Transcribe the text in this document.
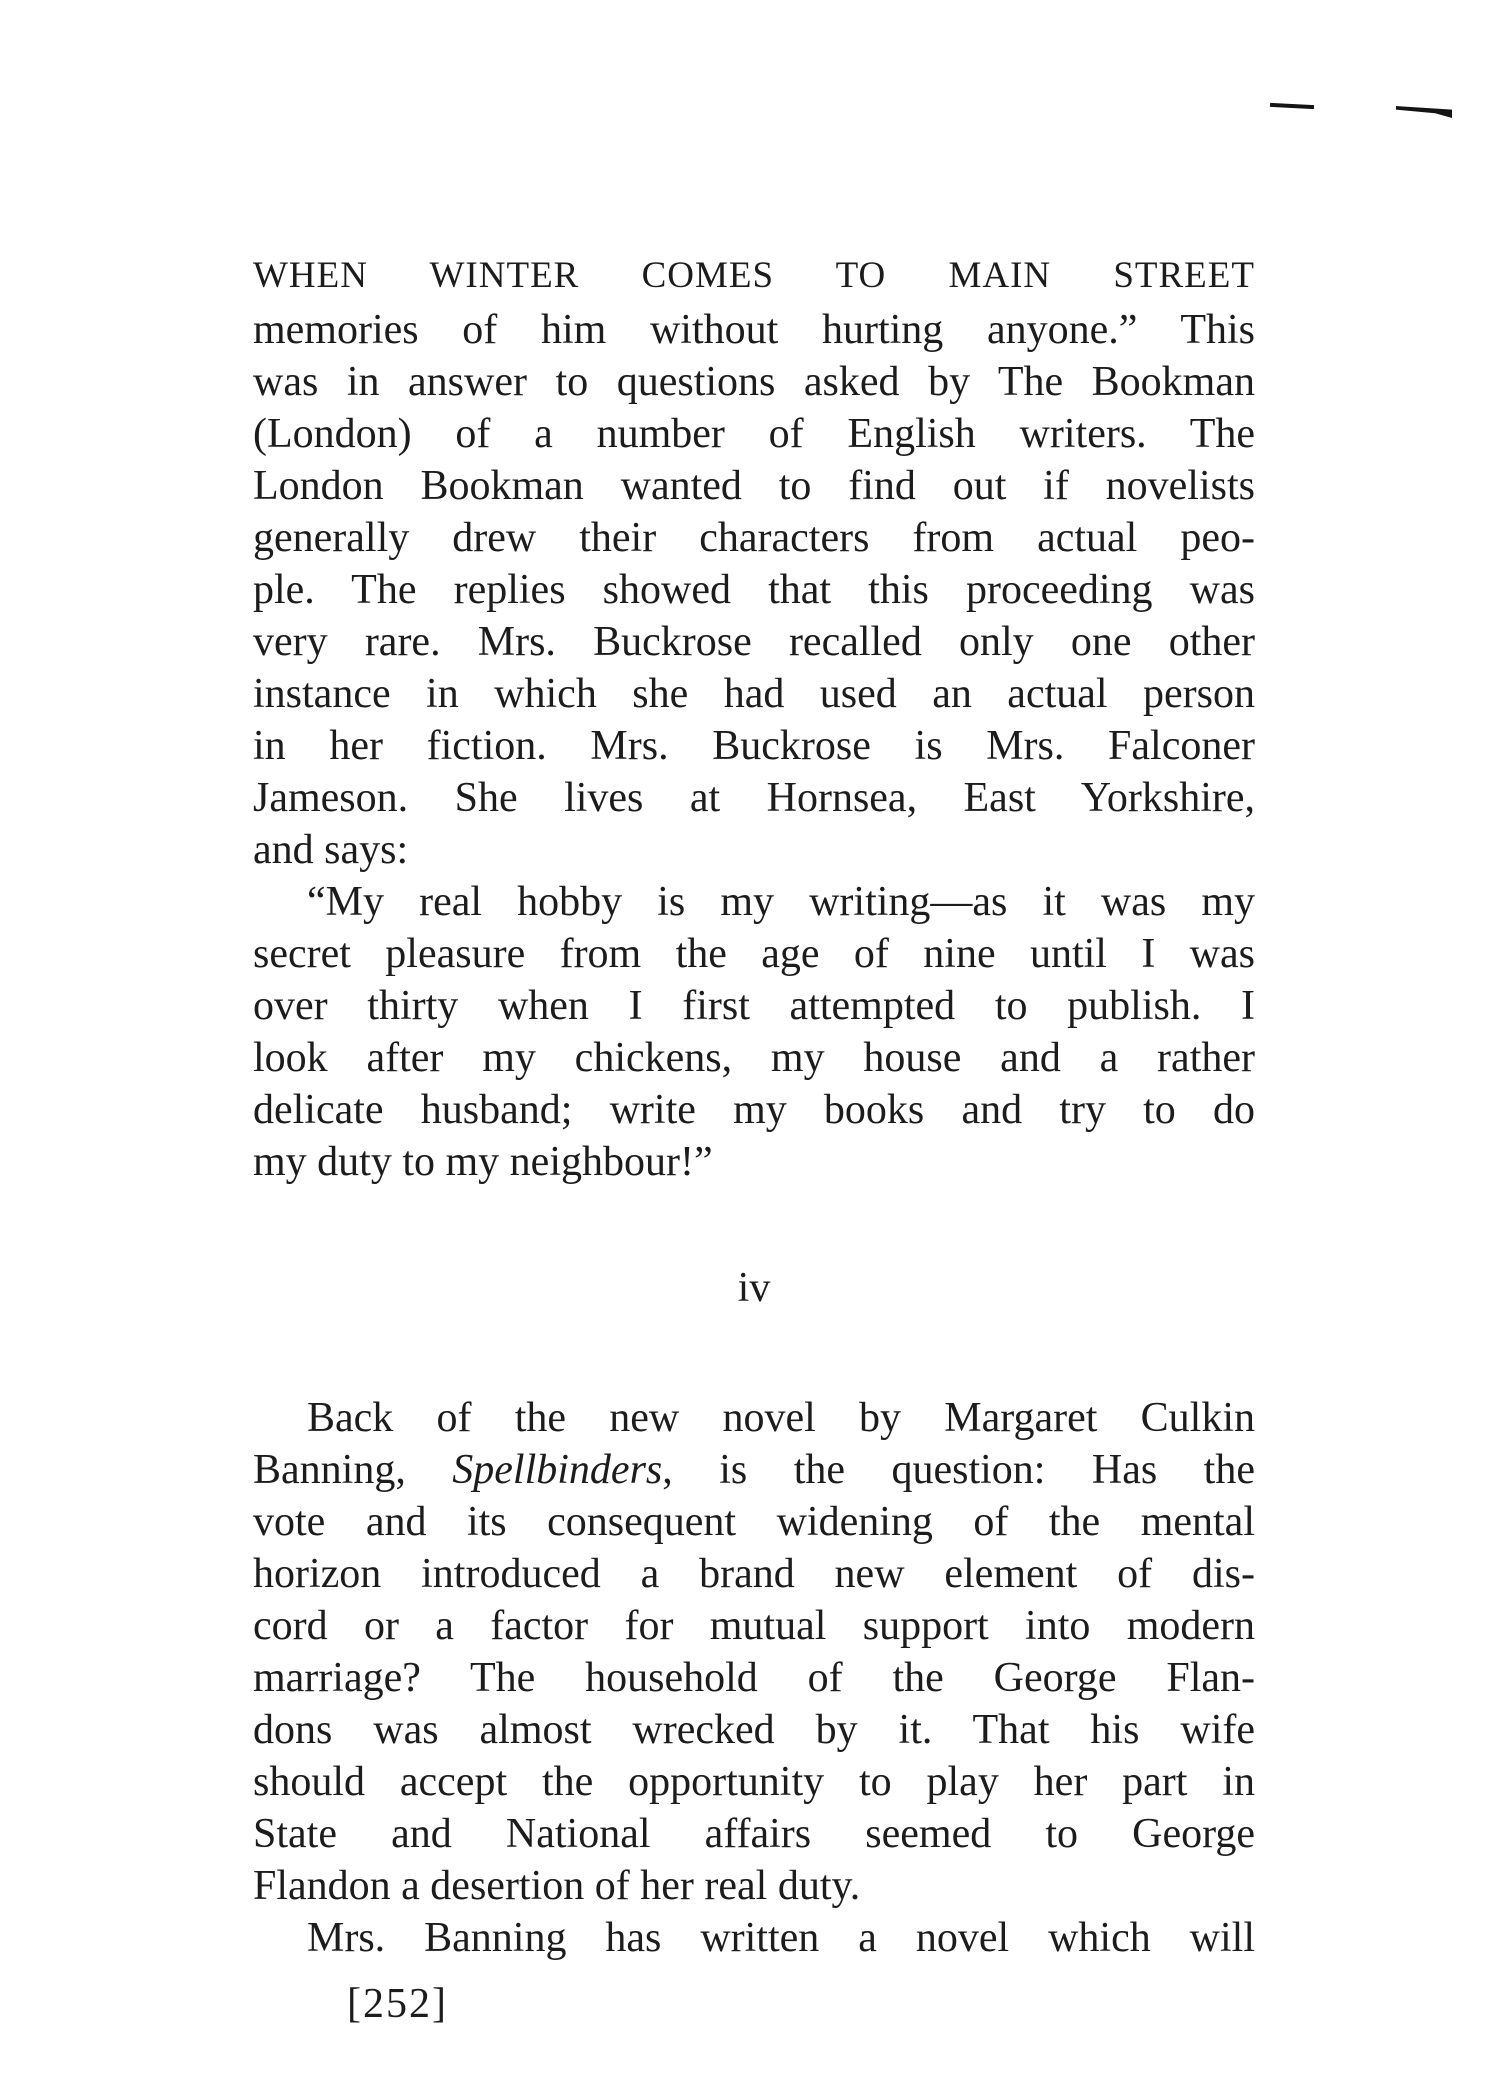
WHEN WINTER COMES TO MAIN STREET
memories of him without hurting anyone.” This
was in answer to questions asked by The Bookman
(London) of a number of English writers. The
London Bookman wanted to find out if novelists
generally drew their characters from actual peo-
ple. The replies showed that this proceeding was
very rare. Mrs. Buckrose recalled only one other
instance in which she had used an actual person
in her fiction. Mrs. Buckrose is Mrs. Falconer
Jameson. She lives at Hornsea, East Yorkshire,
and says:
“My real hobby is my writing—as it was my
secret pleasure from the age of nine until I was
over thirty when I first attempted to publish. I
look after my chickens, my house and a rather
delicate husband; write my books and try to do
my duty to my neighbour!”
iv
Back of the new novel by Margaret Culkin
Banning, Spellbinders, is the question: Has the
vote and its consequent widening of the mental
horizon introduced a brand new element of dis-
cord or a factor for mutual support into modern
marriage? The household of the George Flan-
dons was almost wrecked by it. That his wife
should accept the opportunity to play her part in
State and National affairs seemed to George
Flandon a desertion of her real duty.
Mrs. Banning has written a novel which will
[252]
